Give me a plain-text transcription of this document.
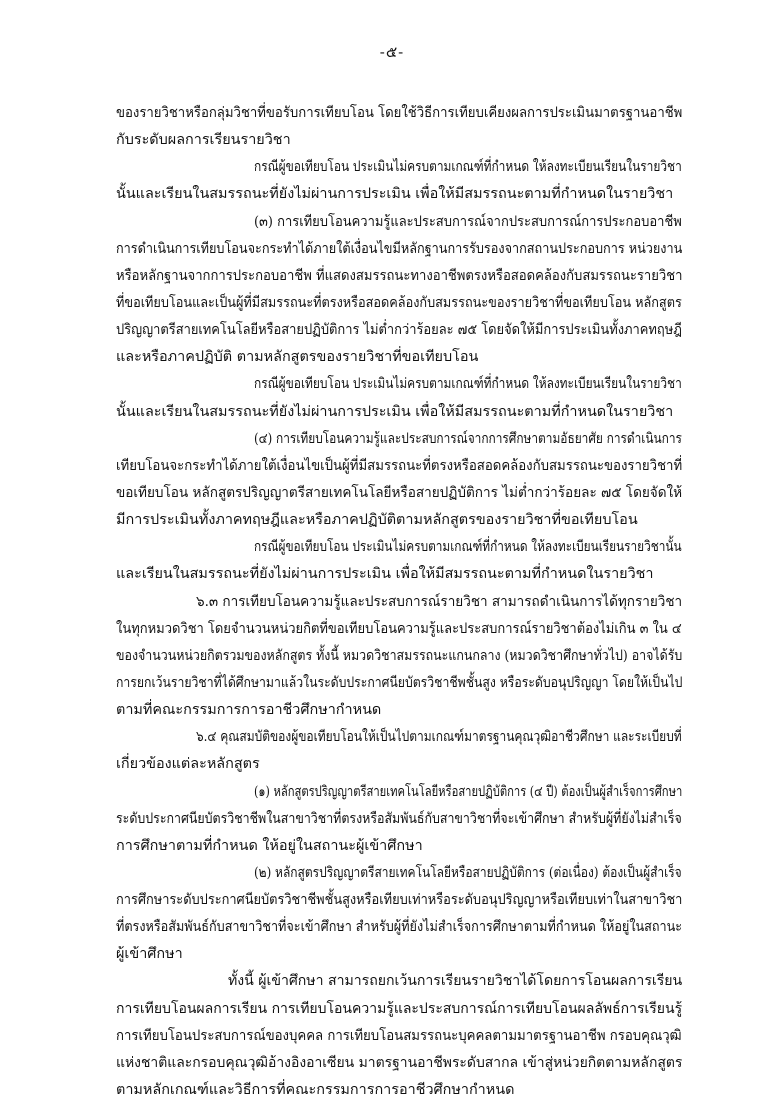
-๕-
ของรายวิชาหรือกลุ่มวิชาที่ขอรับการเทียบโอน โดยใช้วิธีการเทียบเคียงผลการประเมินมาตรฐานอาชีพ
กับระดับผลการเรียนรายวิชา
กรณีผู้ขอเทียบโอน ประเมินไม่ครบตามเกณฑ์ที่กำหนด ให้ลงทะเบียนเรียนในรายวิชา
นั้นและเรียนในสมรรถนะที่ยังไม่ผ่านการประเมิน เพื่อให้มีสมรรถนะตามที่กำหนดในรายวิชา
(๓) การเทียบโอนความรู้และประสบการณ์จากประสบการณ์การประกอบอาชีพ
การดำเนินการเทียบโอนจะกระทำได้ภายใต้เงื่อนไขมีหลักฐานการรับรองจากสถานประกอบการ หน่วยงาน
หรือหลักฐานจากการประกอบอาชีพ ที่แสดงสมรรถนะทางอาชีพตรงหรือสอดคล้องกับสมรรถนะรายวิชา
ที่ขอเทียบโอนและเป็นผู้ที่มีสมรรถนะที่ตรงหรือสอดคล้องกับสมรรถนะของรายวิชาที่ขอเทียบโอน หลักสูตร
ปริญญาตรีสายเทคโนโลยีหรือสายปฏิบัติการ ไม่ต่ำกว่าร้อยละ ๗๕ โดยจัดให้มีการประเมินทั้งภาคทฤษฎี
และหรือภาคปฏิบัติ ตามหลักสูตรของรายวิชาที่ขอเทียบโอน
กรณีผู้ขอเทียบโอน ประเมินไม่ครบตามเกณฑ์ที่กำหนด ให้ลงทะเบียนเรียนในรายวิชา
นั้นและเรียนในสมรรถนะที่ยังไม่ผ่านการประเมิน เพื่อให้มีสมรรถนะตามที่กำหนดในรายวิชา
(๔) การเทียบโอนความรู้และประสบการณ์จากการศึกษาตามอัธยาศัย การดำเนินการ
เทียบโอนจะกระทำได้ภายใต้เงื่อนไขเป็นผู้ที่มีสมรรถนะที่ตรงหรือสอดคล้องกับสมรรถนะของรายวิชาที่
ขอเทียบโอน หลักสูตรปริญญาตรีสายเทคโนโลยีหรือสายปฏิบัติการ ไม่ต่ำกว่าร้อยละ ๗๕ โดยจัดให้
มีการประเมินทั้งภาคทฤษฎีและหรือภาคปฏิบัติตามหลักสูตรของรายวิชาที่ขอเทียบโอน
กรณีผู้ขอเทียบโอน ประเมินไม่ครบตามเกณฑ์ที่กำหนด ให้ลงทะเบียนเรียนรายวิชานั้น
และเรียนในสมรรถนะที่ยังไม่ผ่านการประเมิน เพื่อให้มีสมรรถนะตามที่กำหนดในรายวิชา
๖.๓ การเทียบโอนความรู้และประสบการณ์รายวิชา สามารถดำเนินการได้ทุกรายวิชา
ในทุกหมวดวิชา โดยจำนวนหน่วยกิตที่ขอเทียบโอนความรู้และประสบการณ์รายวิชาต้องไม่เกิน ๓ ใน ๔
ของจำนวนหน่วยกิตรวมของหลักสูตร ทั้งนี้ หมวดวิชาสมรรถนะแกนกลาง (หมวดวิชาศึกษาทั่วไป) อาจได้รับ
การยกเว้นรายวิชาที่ได้ศึกษามาแล้วในระดับประกาศนียบัตรวิชาชีพชั้นสูง หรือระดับอนุปริญญา โดยให้เป็นไป
ตามที่คณะกรรมการการอาชีวศึกษากำหนด
๖.๔ คุณสมบัติของผู้ขอเทียบโอนให้เป็นไปตามเกณฑ์มาตรฐานคุณวุฒิอาชีวศึกษา และระเบียบที่
เกี่ยวข้องแต่ละหลักสูตร
(๑) หลักสูตรปริญญาตรีสายเทคโนโลยีหรือสายปฏิบัติการ (๔ ปี) ต้องเป็นผู้สำเร็จการศึกษา
ระดับประกาศนียบัตรวิชาชีพในสาขาวิชาที่ตรงหรือสัมพันธ์กับสาขาวิชาที่จะเข้าศึกษา สำหรับผู้ที่ยังไม่สำเร็จ
การศึกษาตามที่กำหนด ให้อยู่ในสถานะผู้เข้าศึกษา
(๒) หลักสูตรปริญญาตรีสายเทคโนโลยีหรือสายปฏิบัติการ (ต่อเนื่อง) ต้องเป็นผู้สำเร็จ
การศึกษาระดับประกาศนียบัตรวิชาชีพชั้นสูงหรือเทียบเท่าหรือระดับอนุปริญญาหรือเทียบเท่าในสาขาวิชา
ที่ตรงหรือสัมพันธ์กับสาขาวิชาที่จะเข้าศึกษา สำหรับผู้ที่ยังไม่สำเร็จการศึกษาตามที่กำหนด ให้อยู่ในสถานะ
ผู้เข้าศึกษา
ทั้งนี้ ผู้เข้าศึกษา สามารถยกเว้นการเรียนรายวิชาได้โดยการโอนผลการเรียน
การเทียบโอนผลการเรียน การเทียบโอนความรู้และประสบการณ์การเทียบโอนผลลัพธ์การเรียนรู้
การเทียบโอนประสบการณ์ของบุคคล การเทียบโอนสมรรถนะบุคคลตามมาตรฐานอาชีพ กรอบคุณวุฒิ
แห่งชาติและกรอบคุณวุฒิอ้างอิงอาเซียน มาตรฐานอาชีพระดับสากล เข้าสู่หน่วยกิตตามหลักสูตร
ตามหลักเกณฑ์และวิธีการที่คณะกรรมการการอาชีวศึกษากำหนด
